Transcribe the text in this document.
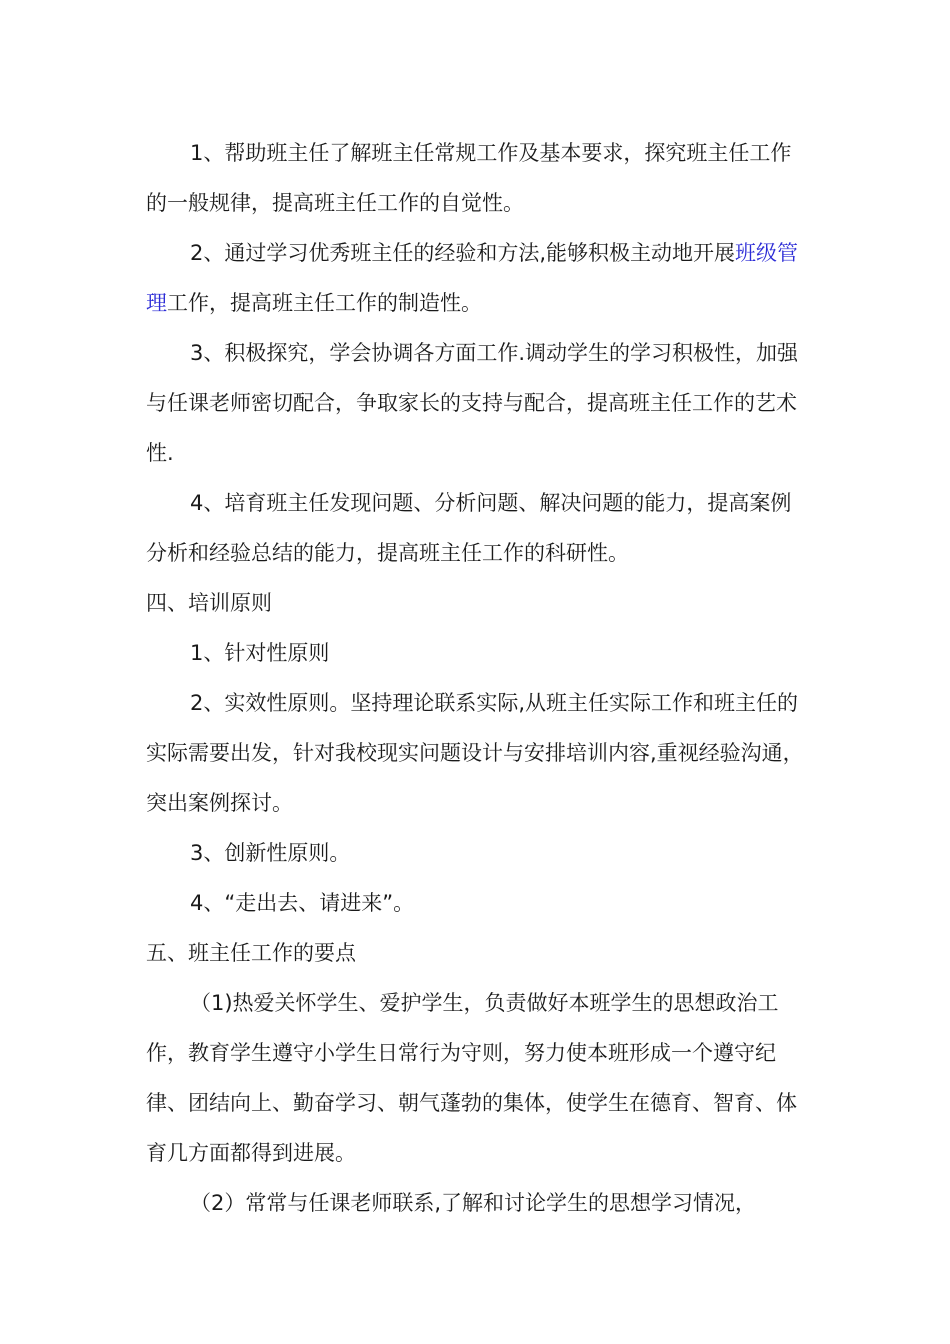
1、帮助班主任了解班主任常规工作及基本要求，探究班主任工作的一般规律，提高班主任工作的自觉性。

2、通过学习优秀班主任的经验和方法,能够积极主动地开展班级管理工作，提高班主任工作的制造性。

3、积极探究，学会协调各方面工作.调动学生的学习积极性，加强与任课老师密切配合，争取家长的支持与配合，提高班主任工作的艺术性.

4、培育班主任发现问题、分析问题、解决问题的能力，提高案例分析和经验总结的能力，提高班主任工作的科研性。

四、培训原则

1、针对性原则

2、实效性原则。坚持理论联系实际,从班主任实际工作和班主任的实际需要出发，针对我校现实问题设计与安排培训内容,重视经验沟通，突出案例探讨。

3、创新性原则。

4、“走出去、请进来”。

五、班主任工作的要点

（1)热爱关怀学生、爱护学生，负责做好本班学生的思想政治工作，教育学生遵守小学生日常行为守则，努力使本班形成一个遵守纪律、团结向上、勤奋学习、朝气蓬勃的集体，使学生在德育、智育、体育几方面都得到进展。

（2）常常与任课老师联系,了解和讨论学生的思想学习情况，
